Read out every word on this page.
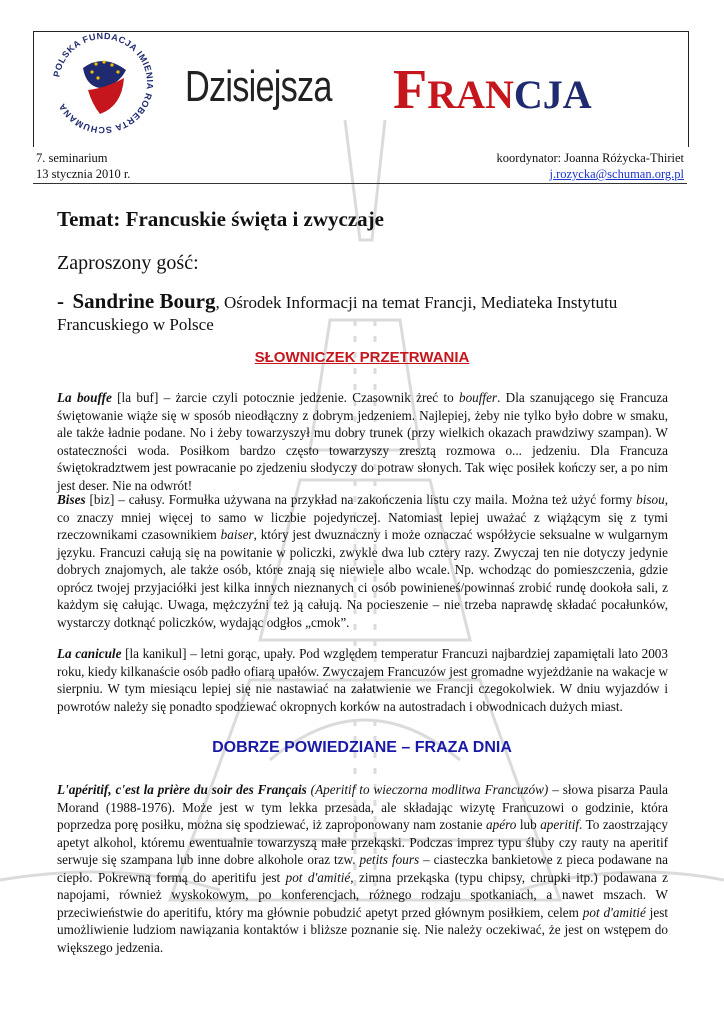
POLSKA FUNDACJA IMIENIA ROBERTA SCHUMANA	Dzisiejsza FRANCJA
7. seminarium
13 stycznia 2010 r.
koordynator: Joanna Różycka-Thiriet
j.rozycka@schuman.org.pl
Temat: Francuskie święta i zwyczaje
Zaproszony gość:
- Sandrine Bourg, Ośrodek Informacji na temat Francji, Mediateka Instytutu Francuskiego w Polsce
SŁOWNICZEK PRZETRWANIA
La bouffe [la buf] – żarcie czyli potocznie jedzenie. Czasownik żreć to bouffer. Dla szanującego się Francuza świętowanie wiąże się w sposób nieodłączny z dobrym jedzeniem. Najlepiej, żeby nie tylko było dobre w smaku, ale także ładnie podane. No i żeby towarzyszył mu dobry trunek (przy wielkich okazach prawdziwy szampan). W ostateczności woda. Posiłkom bardzo często towarzyszy zresztą rozmowa o... jedzeniu. Dla Francuza świętokradztwem jest powracanie po zjedzeniu słodyczy do potraw słonych. Tak więc posiłek kończy ser, a po nim jest deser. Nie na odwrót!
Bises [biz] – całusy. Formułka używana na przykład na zakończenia listu czy maila. Można też użyć formy bisou, co znaczy mniej więcej to samo w liczbie pojedynczej. Natomiast lepiej uważać z wiążącym się z tymi rzeczownikami czasownikiem baiser, który jest dwuznaczny i może oznaczać współżycie seksualne w wulgarnym języku. Francuzi całują się na powitanie w policzki, zwykle dwa lub cztery razy. Zwyczaj ten nie dotyczy jedynie dobrych znajomych, ale także osób, które znają się niewiele albo wcale. Np. wchodząc do pomieszczenia, gdzie oprócz twojej przyjaciółki jest kilka innych nieznanych ci osób powinieneś/powinnaś zrobić rundę dookoła sali, z każdym się całując. Uwaga, mężczyźni też ją całują. Na pocieszenie – nie trzeba naprawdę składać pocałunków, wystarczy dotknąć policzków, wydając odgłos „cmok”.
La canicule [la kanikul] – letni gorąc, upały. Pod względem temperatur Francuzi najbardziej zapamiętali lato 2003 roku, kiedy kilkanaście osób padło ofiarą upałów. Zwyczajem Francuzów jest gromadne wyjeżdżanie na wakacje w sierpniu. W tym miesiącu lepiej się nie nastawiać na załatwienie we Francji czegokolwiek. W dniu wyjazdów i powrotów należy się ponadto spodziewać okropnych korków na autostradach i obwodnicach dużych miast.
DOBRZE POWIEDZIANE – FRAZA DNIA
L'apéritif, c'est la prière du soir des Français (Aperitif to wieczorna modlitwa Francuzów) – słowa pisarza Paula Morand (1988-1976). Może jest w tym lekka przesada, ale składając wizytę Francuzowi o godzinie, która poprzedza porę posiłku, można się spodziewać, iż zaproponowany nam zostanie apéro lub aperitif. To zaostrzający apetyt alkohol, któremu ewentualnie towarzyszą małe przekąski. Podczas imprez typu śluby czy rauty na aperitif serwuje się szampana lub inne dobre alkohole oraz tzw. petits fours – ciasteczka bankietowe z pieca podawane na ciepło. Pokrewną formą do aperitifu jest pot d'amitié, zimna przekąska (typu chipsy, chrupki itp.) podawana z napojami, również wyskokowym, po konferencjach, różnego rodzaju spotkaniach, a nawet mszach. W przeciwieństwie do aperitifu, który ma głównie pobudzić apetyt przed głównym posiłkiem, celem pot d'amitié jest umożliwienie ludziom nawiązania kontaktów i bliższe poznanie się. Nie należy oczekiwać, że jest on wstępem do większego jedzenia.
